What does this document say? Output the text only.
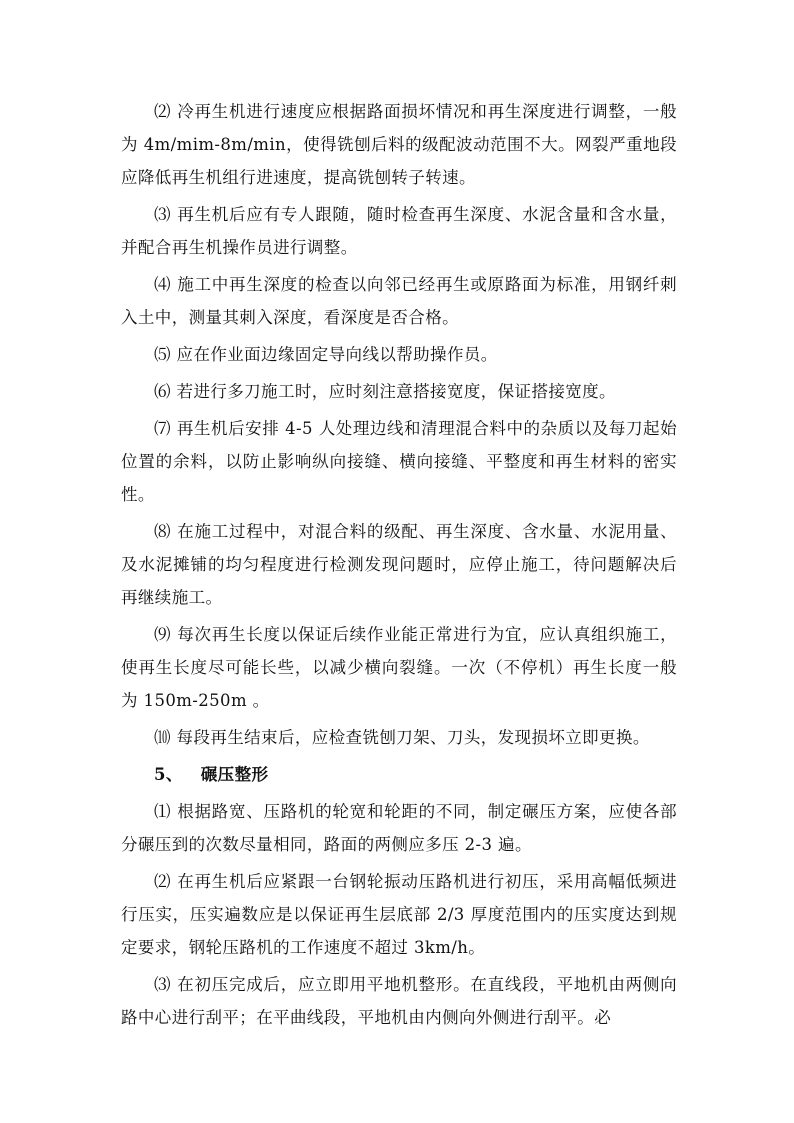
⑵ 冷再生机进行速度应根据路面损坏情况和再生深度进行调整，一般为 4m/mim-8m/min，使得铣刨后料的级配波动范围不大。网裂严重地段应降低再生机组行进速度，提高铣刨转子转速。

⑶ 再生机后应有专人跟随，随时检查再生深度、水泥含量和含水量，并配合再生机操作员进行调整。

⑷ 施工中再生深度的检查以向邻已经再生或原路面为标准，用钢纤刺入土中，测量其刺入深度，看深度是否合格。

⑸ 应在作业面边缘固定导向线以帮助操作员。

⑹ 若进行多刀施工时，应时刻注意搭接宽度，保证搭接宽度。

⑺ 再生机后安排 4-5 人处理边线和清理混合料中的杂质以及每刀起始位置的余料，以防止影响纵向接缝、横向接缝、平整度和再生材料的密实性。

⑻ 在施工过程中，对混合料的级配、再生深度、含水量、水泥用量、及水泥摊铺的均匀程度进行检测发现问题时，应停止施工，待问题解决后再继续施工。

⑼ 每次再生长度以保证后续作业能正常进行为宜，应认真组织施工，使再生长度尽可能长些，以减少横向裂缝。一次（不停机）再生长度一般为 150m-250m 。

⑽ 每段再生结束后，应检查铣刨刀架、刀头，发现损坏立即更换。

5、 碾压整形

⑴ 根据路宽、压路机的轮宽和轮距的不同，制定碾压方案，应使各部分碾压到的次数尽量相同，路面的两侧应多压 2-3 遍。

⑵ 在再生机后应紧跟一台钢轮振动压路机进行初压，采用高幅低频进行压实，压实遍数应是以保证再生层底部 2/3 厚度范围内的压实度达到规定要求，钢轮压路机的工作速度不超过 3km/h。

⑶ 在初压完成后，应立即用平地机整形。在直线段，平地机由两侧向路中心进行刮平；在平曲线段，平地机由内侧向外侧进行刮平。必
